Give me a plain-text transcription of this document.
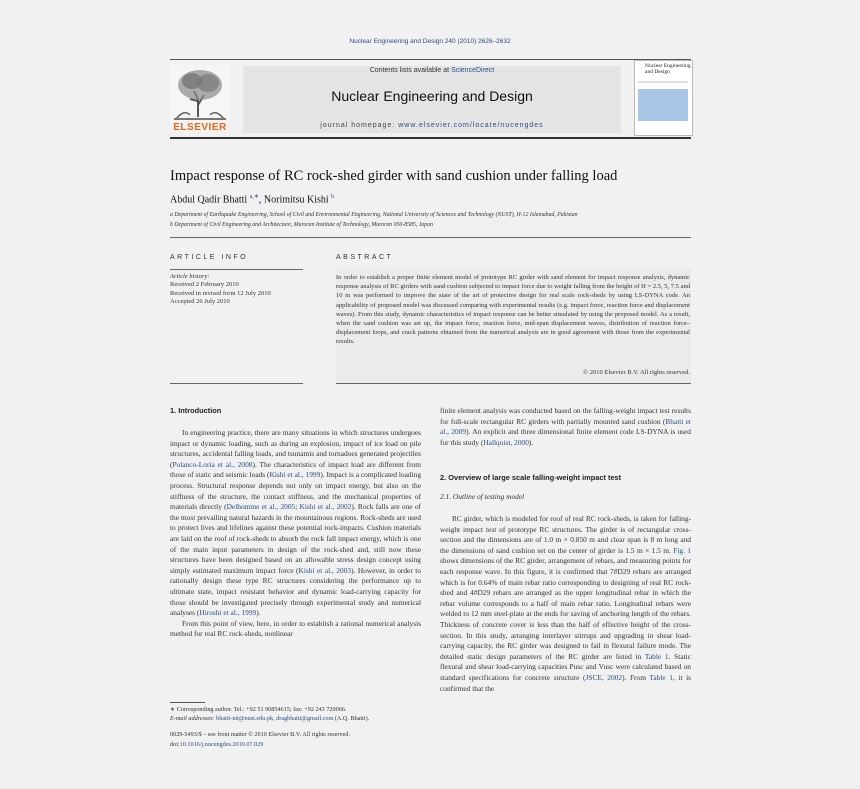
Nuclear Engineering and Design 240 (2010) 2626–2632
ELSEVIER
Contents lists available at ScienceDirect
Nuclear Engineering and Design
journal homepage: www.elsevier.com/locate/nucengdes
Nuclear Engineering and Design
Impact response of RC rock-shed girder with sand cushion under falling load
Abdul Qadir Bhatti $^{a,∗}$, Norimitsu Kishi $^b$
a Department of Earthquake Engineering, School of Civil and Environmental Engineering, National University of Sciences and Technology (NUST), H-12 Islamabad, Pakistan
b Department of Civil Engineering and Architecture, Muroran Institute of Technology, Muroran 050-8585, Japan
ARTICLE INFO
Article history:
Received 2 February 2010
Received in revised form 12 July 2010
Accepted 26 July 2010
ABSTRACT
In order to establish a proper finite element model of prototype RC girder with sand element for impact response analysis, dynamic response analysis of RC girders with sand cushion subjected to impact force due to weight falling from the height of H = 2.5, 5, 7.5 and 10 m was performed to improve the state of the art of protective design for real scale rock-sheds by using LS-DYNA code. An applicability of proposed model was discussed comparing with experimental results (e.g. impact force, reaction force and displacement waves). From this study, dynamic characteristics of impact response can be better simulated by using the proposed model. As a result, when the sand cushion was set up, the impact force, reaction force, mid-span displacement waves, distribution of reaction force–displacement loops, and crack patterns obtained from the numerical analysis are in good agreement with those from the experimental results.
© 2010 Elsevier B.V. All rights reserved.
1. Introduction

In engineering practice, there are many situations in which structures undergoes impact or dynamic loading, such as during an explosion, impact of ice load on pile structures, accidental falling loads, and tsunamis and tornadoes generated projectiles (Polanco-Loria et al., 2008). The characteristics of impact load are different from those of static and seismic loads (Kishi et al., 1999). Impact is a complicated loading process. Structural response depends not only on impact energy, but also on the stiffness of the structure, the contact stiffness, and the mechanical properties of materials directly (Delhomme et al., 2005; Kishi et al., 2002). Rock falls are one of the most prevailing natural hazards in the mountainous regions. Rock-sheds are used to protect lives and lifelines against these potential rock-impacts. Cushion materials are laid on the roof of rock-sheds to absorb the rock fall impact energy, which is one of the main input parameters in design of the rock-shed and, still now these structures have been designed based on an allowable stress design concept using simply estimated maximum impact force (Kishi et al., 2003). However, in order to rationally design these type RC structures considering the performance up to ultimate state, impact resistant behavior and dynamic load-carrying capacity for those should be investigated precisely through experimental study and numerical analyses (Hiroshi et al., 1999).

From this point of view, here, in order to establish a rational numerical analysis method for real RC rock-sheds, nonlinear

finite element analysis was conducted based on the falling-weight impact test results for full-scale rectangular RC girders with partially mounted sand cushion (Bhatti et al., 2009). An explicit and three dimensional finite element code LS-DYNA is used for this study (Hallquist, 2000).

2. Overview of large scale falling-weight impact test
2.1. Outline of testing model

RC girder, which is modeled for roof of real RC rock-sheds, is taken for falling-weight impact test of prototype RC structures. The girder is of rectangular cross-section and the dimensions are of 1.0 m × 0.850 m and clear span is 8 m long and the dimensions of sand cushion set on the center of girder is 1.5 m × 1.5 m. Fig. 1 shows dimensions of the RC girder, arrangement of rebars, and measuring points for each response wave. In this figure, it is confirmed that 7#D29 rebars are arranged which is for 0.64% of main rebar ratio corresponding to designing of real RC rock-shed and 4#D29 rebars are arranged as the upper longitudinal rebar in which the rebar volume corresponds to a half of main rebar ratio. Longitudinal rebars were welded to 12 mm steel-plate at the ends for saving of anchoring length of the rebars. Thickness of concrete cover is less than the half of effective height of the cross-section. In this study, arranging interlayer stirrups and upgrading in shear load-carrying capacity, the RC girder was designed to fail in flexural failure mode. The detailed static design parameters of the RC girder are listed in Table 1. Static flexural and shear load-carrying capacities Pusc and Vusc were calculated based on standard specifications for concrete structure (JSCE, 2002). From Table 1, it is confirmed that the

∗ Corresponding author. Tel.: +92 51 90854615; fax: +92 243 720066.
E-mail addresses: bhatti-nit@nust.edu.pk, dragbhatti@gmail.com (A.Q. Bhatti).
0029-5493/$ – see front matter © 2010 Elsevier B.V. All rights reserved.
doi:10.1016/j.nucengdes.2010.07.029
